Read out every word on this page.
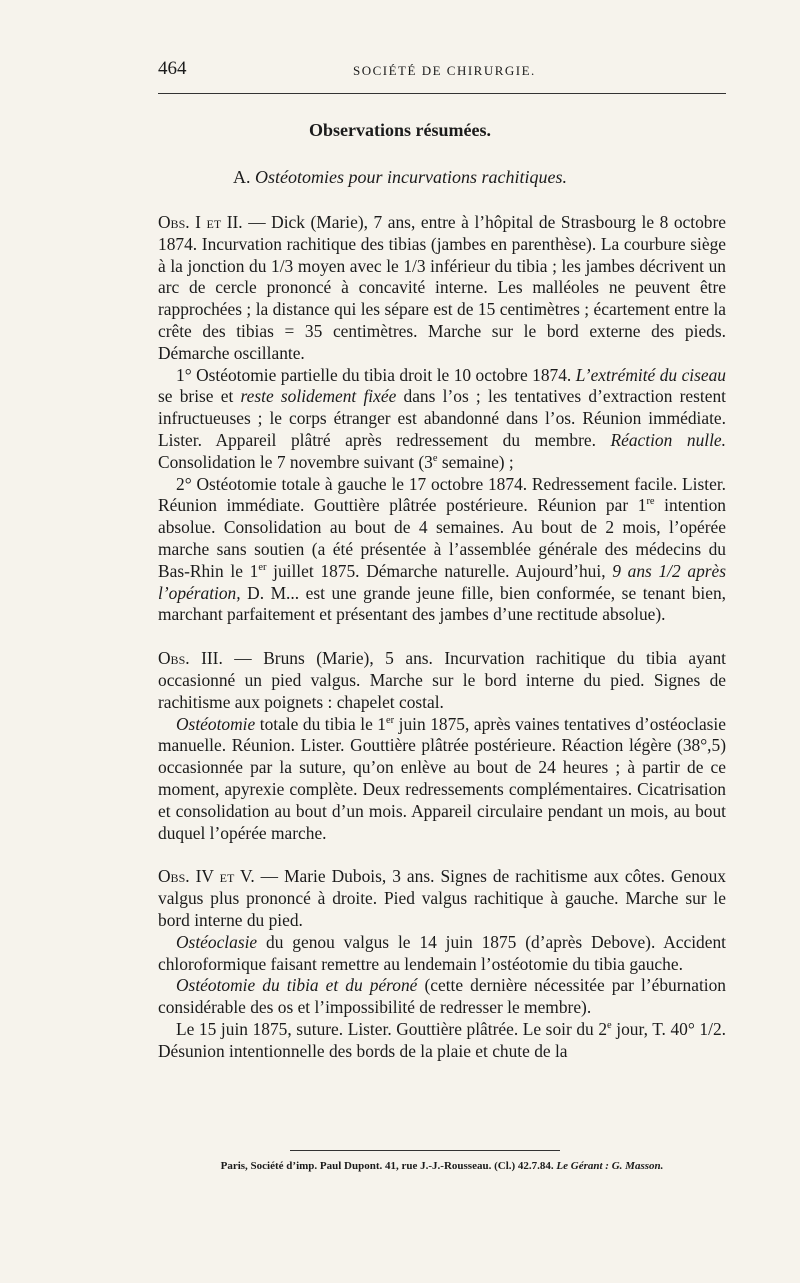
464	SOCIÉTÉ DE CHIRURGIE.
Observations résumées.
A. Ostéotomies pour incurvations rachitiques.

Obs. I et II. — Dick (Marie), 7 ans, entre à l’hôpital de Strasbourg le 8 octobre 1874. Incurvation rachitique des tibias (jambes en parenthèse). La courbure siège à la jonction du 1/3 moyen avec le 1/3 inférieur du tibia ; les jambes décrivent un arc de cercle prononcé à concavité interne. Les malléoles ne peuvent être rapprochées ; la distance qui les sépare est de 15 centimètres ; écartement entre la crête des tibias = 35 centimètres. Marche sur le bord externe des pieds. Démarche oscillante.

1° Ostéotomie partielle du tibia droit le 10 octobre 1874. L’extrémité du ciseau se brise et reste solidement fixée dans l’os ; les tentatives d’extraction restent infructueuses ; le corps étranger est abandonné dans l’os. Réunion immédiate. Lister. Appareil plâtré après redressement du membre. Réaction nulle. Consolidation le 7 novembre suivant (3e semaine) ;

2° Ostéotomie totale à gauche le 17 octobre 1874. Redressement facile. Lister. Réunion immédiate. Gouttière plâtrée postérieure. Réunion par 1re intention absolue. Consolidation au bout de 4 semaines. Au bout de 2 mois, l’opérée marche sans soutien (a été présentée à l’assemblée générale des médecins du Bas-Rhin le 1er juillet 1875. Démarche naturelle. Aujourd’hui, 9 ans 1/2 après l’opération, D. M... est une grande jeune fille, bien conformée, se tenant bien, marchant parfaitement et présentant des jambes d’une rectitude absolue).

Obs. III. — Bruns (Marie), 5 ans. Incurvation rachitique du tibia ayant occasionné un pied valgus. Marche sur le bord interne du pied. Signes de rachitisme aux poignets : chapelet costal.

Ostéotomie totale du tibia le 1er juin 1875, après vaines tentatives d’ostéoclasie manuelle. Réunion. Lister. Gouttière plâtrée postérieure. Réaction légère (38°,5) occasionnée par la suture, qu’on enlève au bout de 24 heures ; à partir de ce moment, apyrexie complète. Deux redressements complémentaires. Cicatrisation et consolidation au bout d’un mois. Appareil circulaire pendant un mois, au bout duquel l’opérée marche.

Obs. IV et V. — Marie Dubois, 3 ans. Signes de rachitisme aux côtes. Genoux valgus plus prononcé à droite. Pied valgus rachitique à gauche. Marche sur le bord interne du pied.

Ostéoclasie du genou valgus le 14 juin 1875 (d’après Debove). Accident chloroformique faisant remettre au lendemain l’ostéotomie du tibia gauche.

Ostéotomie du tibia et du péroné (cette dernière nécessitée par l’éburnation considérable des os et l’impossibilité de redresser le membre).

Le 15 juin 1875, suture. Lister. Gouttière plâtrée. Le soir du 2e jour, T. 40° 1/2. Désunion intentionnelle des bords de la plaie et chute de la

Paris, Société d’imp. Paul Dupont. 41, rue J.-J.-Rousseau. (Cl.) 42.7.84. Le Gérant : G. Masson.
